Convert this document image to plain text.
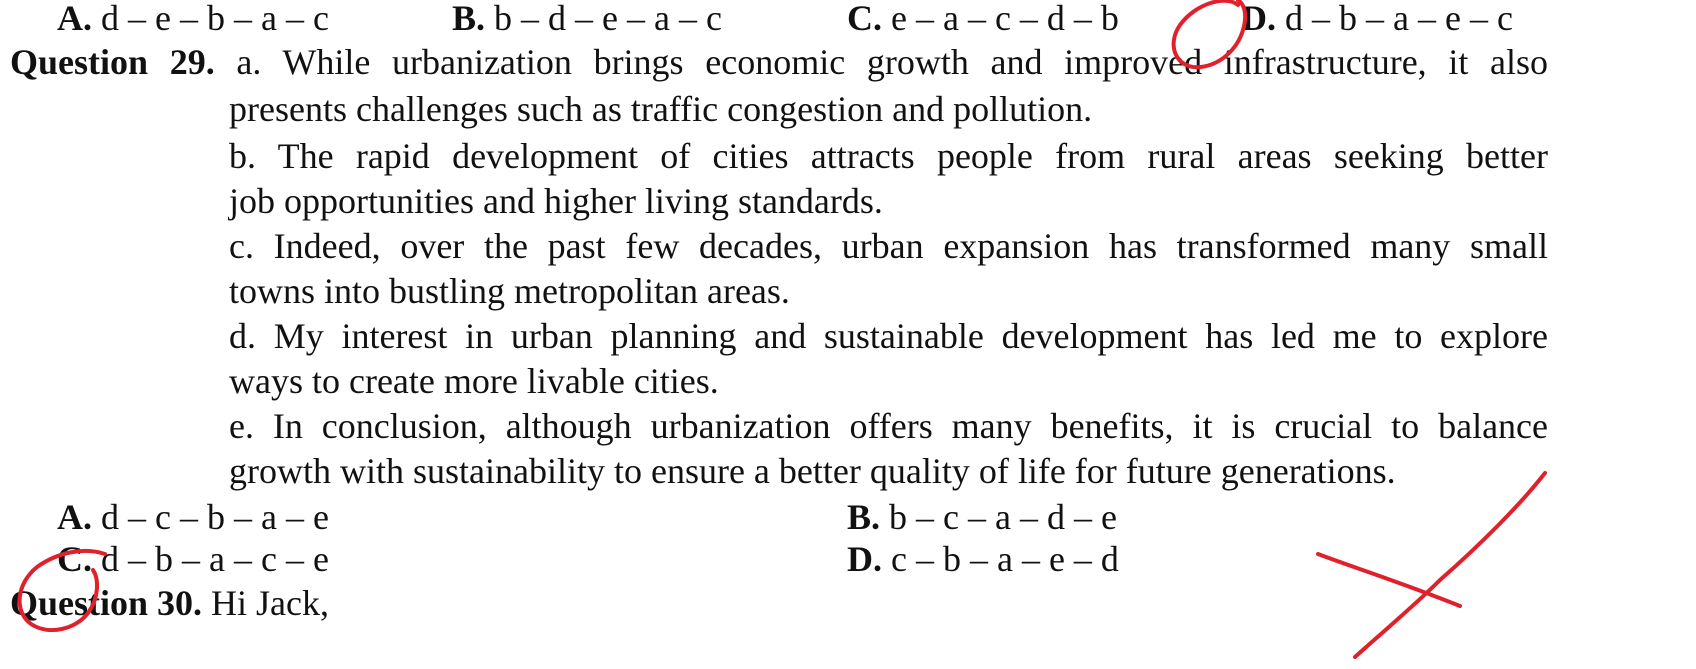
A. d – e – b – a – c	B. b – d – e – a – c	C. e – a – c – d – b	D. d – b – a – e – c
Question 29. a. While urbanization brings economic growth and improved infrastructure, it also
presents challenges such as traffic congestion and pollution.
b. The rapid development of cities attracts people from rural areas seeking better
job opportunities and higher living standards.
c. Indeed, over the past few decades, urban expansion has transformed many small
towns into bustling metropolitan areas.
d. My interest in urban planning and sustainable development has led me to explore
ways to create more livable cities.
e. In conclusion, although urbanization offers many benefits, it is crucial to balance
growth with sustainability to ensure a better quality of life for future generations.
A. d – c – b – a – e	B. b – c – a – d – e
C. d – b – a – c – e	D. c – b – a – e – d
Question 30. Hi Jack,
